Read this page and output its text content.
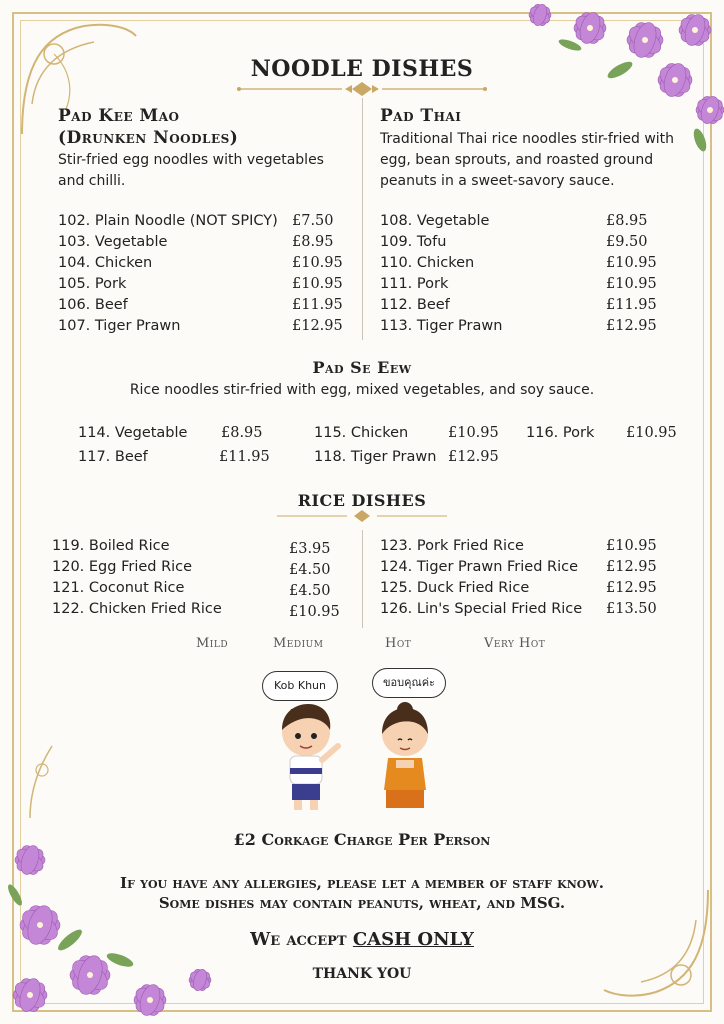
NOODLE DISHES
Pad Kee Mao
(Drunken Noodles)
Stir-fried egg noodles with vegetables
and chilli.
102. Plain Noodle (NOT SPICY) £7.50
103. Vegetable	£8.95
104. Chicken	£10.95
105. Pork	£10.95
106. Beef	£11.95
107. Tiger Prawn	£12.95
Pad Thai
Traditional Thai rice noodles stir-fried with
egg, bean sprouts, and roasted ground
peanuts in a sweet-savory sauce.
108. Vegetable	£8.95
109. Tofu	£9.50
110. Chicken	£10.95
111. Pork	£10.95
112. Beef	£11.95
113. Tiger Prawn	£12.95
Pad Se Eew
Rice noodles stir-fried with egg, mixed vegetables, and soy sauce.
114. Vegetable £8.95	115. Chicken	£10.95 116. Pork £10.95
117. Beef	£11.95	118. Tiger Prawn £12.95
RICE DISHES
119. Boiled Rice	£3.95
120. Egg Fried Rice	£4.50
121. Coconut Rice	£4.50
122. Chicken Fried Rice	£10.95
123. Pork Fried Rice	£10.95
124. Tiger Prawn Fried Rice £12.95
125. Duck Fried Rice	£12.95
126. Lin's Special Fried Rice £13.50
Mild	Medium	Hot	Very Hot
Kob Khun	ขอบคุณค่ะ
£2 Corkage Charge Per Person
If you have any allergies, please let a member of staff know.
Some dishes may contain peanuts, wheat, and MSG.
We accept CASH ONLY
THANK YOU
